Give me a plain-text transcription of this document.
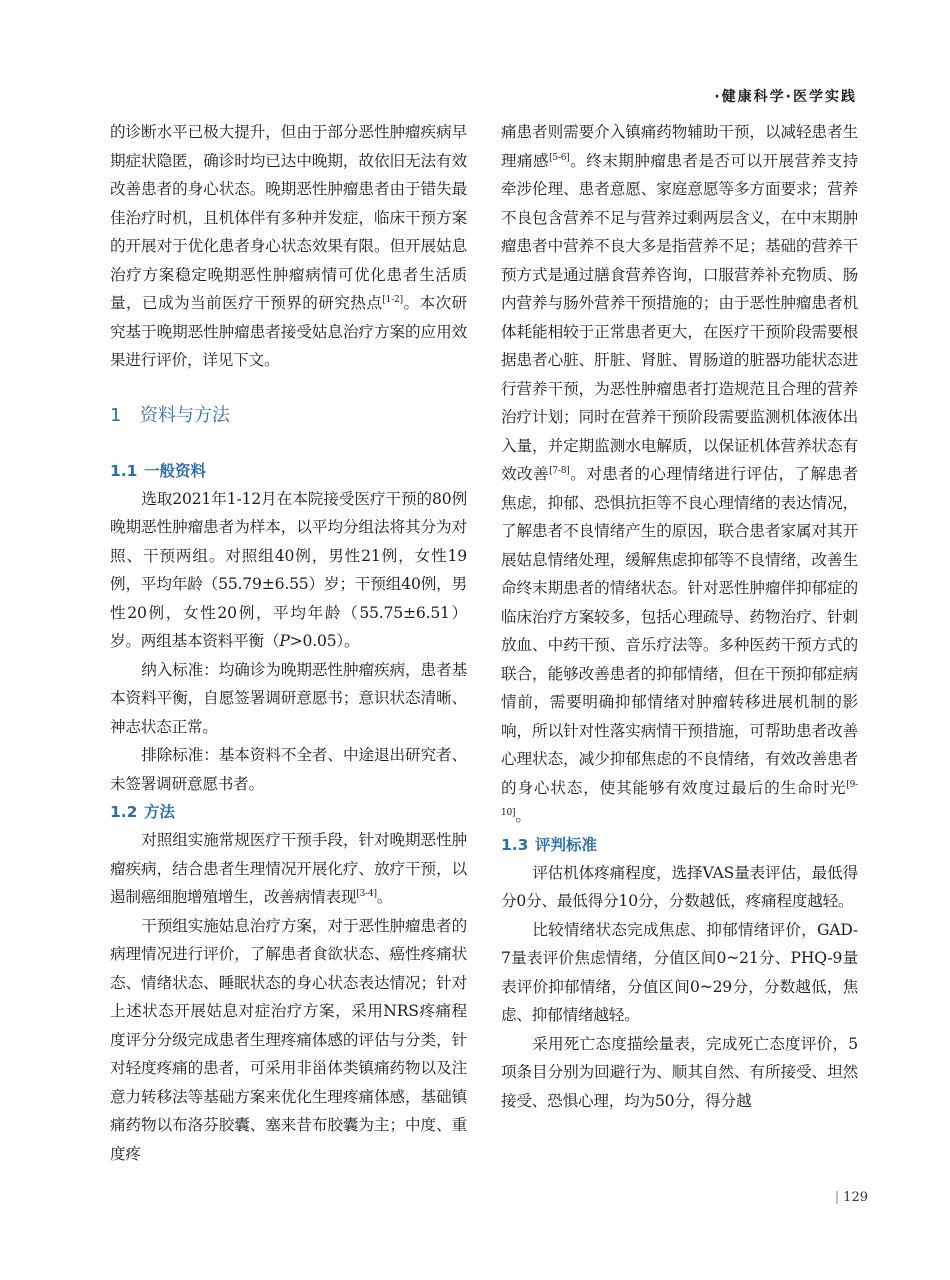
·健康科学·医学实践

的诊断水平已极大提升，但由于部分恶性肿瘤疾病早期症状隐匿，确诊时均已达中晚期，故依旧无法有效改善患者的身心状态。晚期恶性肿瘤患者由于错失最佳治疗时机，且机体伴有多种并发症，临床干预方案的开展对于优化患者身心状态效果有限。但开展姑息治疗方案稳定晚期恶性肿瘤病情可优化患者生活质量，已成为当前医疗干预界的研究热点[1-2]。本次研究基于晚期恶性肿瘤患者接受姑息治疗方案的应用效果进行评价，详见下文。

1 资料与方法
1.1 一般资料

选取2021年1-12月在本院接受医疗干预的80例晚期恶性肿瘤患者为样本，以平均分组法将其分为对照、干预两组。对照组40例，男性21例，女性19例，平均年龄（55.79±6.55）岁；干预组40例，男性20例，女性20例，平均年龄（55.75±6.51）岁。两组基本资料平衡（P>0.05）。

纳入标准：均确诊为晚期恶性肿瘤疾病，患者基本资料平衡，自愿签署调研意愿书；意识状态清晰、神志状态正常。

排除标准：基本资料不全者、中途退出研究者、未签署调研意愿书者。

1.2 方法

对照组实施常规医疗干预手段，针对晚期恶性肿瘤疾病，结合患者生理情况开展化疗、放疗干预，以遏制癌细胞增殖增生，改善病情表现[3-4]。

干预组实施姑息治疗方案，对于恶性肿瘤患者的病理情况进行评价，了解患者食欲状态、癌性疼痛状态、情绪状态、睡眠状态的身心状态表达情况；针对上述状态开展姑息对症治疗方案，采用NRS疼痛程度评分分级完成患者生理疼痛体感的评估与分类，针对轻度疼痛的患者，可采用非甾体类镇痛药物以及注意力转移法等基础方案来优化生理疼痛体感，基础镇痛药物以布洛芬胶囊、塞来昔布胶囊为主；中度、重度疼

痛患者则需要介入镇痛药物辅助干预，以减轻患者生理痛感[5-6]。终末期肿瘤患者是否可以开展营养支持牵涉伦理、患者意愿、家庭意愿等多方面要求；营养不良包含营养不足与营养过剩两层含义，在中末期肿瘤患者中营养不良大多是指营养不足；基础的营养干预方式是通过膳食营养咨询，口服营养补充物质、肠内营养与肠外营养干预措施的；由于恶性肿瘤患者机体耗能相较于正常患者更大，在医疗干预阶段需要根据患者心脏、肝脏、肾脏、胃肠道的脏器功能状态进行营养干预，为恶性肿瘤患者打造规范且合理的营养治疗计划；同时在营养干预阶段需要监测机体液体出入量，并定期监测水电解质，以保证机体营养状态有效改善[7-8]。对患者的心理情绪进行评估，了解患者焦虑，抑郁、恐惧抗拒等不良心理情绪的表达情况，了解患者不良情绪产生的原因，联合患者家属对其开展姑息情绪处理，缓解焦虑抑郁等不良情绪，改善生命终末期患者的情绪状态。针对恶性肿瘤伴抑郁症的临床治疗方案较多，包括心理疏导、药物治疗、针刺放血、中药干预、音乐疗法等。多种医药干预方式的联合，能够改善患者的抑郁情绪，但在干预抑郁症病情前，需要明确抑郁情绪对肿瘤转移进展机制的影响，所以针对性落实病情干预措施，可帮助患者改善心理状态，减少抑郁焦虑的不良情绪，有效改善患者的身心状态，使其能够有效度过最后的生命时光[9-10]。

1.3 评判标准

评估机体疼痛程度，选择VAS量表评估，最低得分0分、最低得分10分，分数越低，疼痛程度越轻。

比较情绪状态完成焦虑、抑郁情绪评价，GAD-7量表评价焦虑情绪，分值区间0~21分、PHQ-9量表评价抑郁情绪，分值区间0~29分，分数越低，焦虑、抑郁情绪越轻。

采用死亡态度描绘量表，完成死亡态度评价，5项条目分别为回避行为、顺其自然、有所接受、坦然接受、恐惧心理，均为50分，得分越

| 129
